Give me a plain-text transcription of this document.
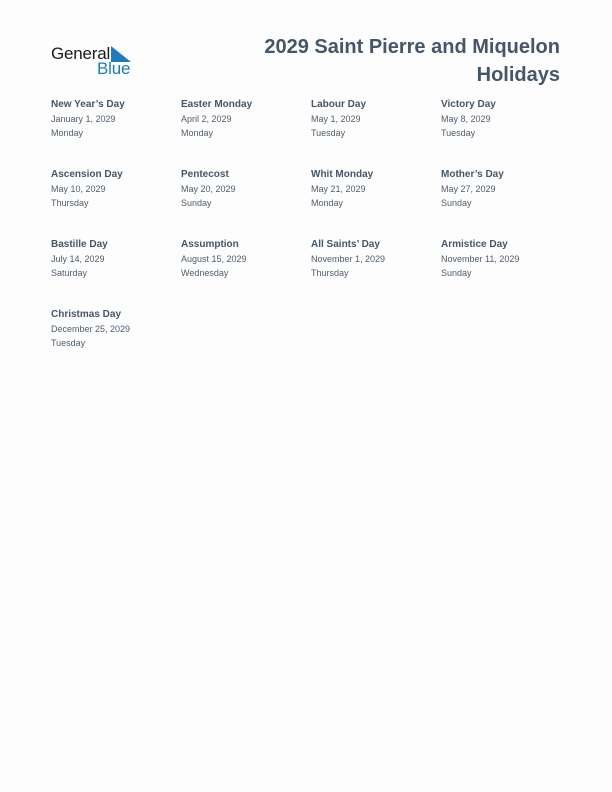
General
Blue
2029 Saint Pierre and Miquelon Holidays
New Year’s Day
January 1, 2029
Monday
Easter Monday
April 2, 2029
Monday
Labour Day
May 1, 2029
Tuesday
Victory Day
May 8, 2029
Tuesday
Ascension Day
May 10, 2029
Thursday
Pentecost
May 20, 2029
Sunday
Whit Monday
May 21, 2029
Monday
Mother’s Day
May 27, 2029
Sunday
Bastille Day
July 14, 2029
Saturday
Assumption
August 15, 2029
Wednesday
All Saints’ Day
November 1, 2029
Thursday
Armistice Day
November 11, 2029
Sunday
Christmas Day
December 25, 2029
Tuesday
